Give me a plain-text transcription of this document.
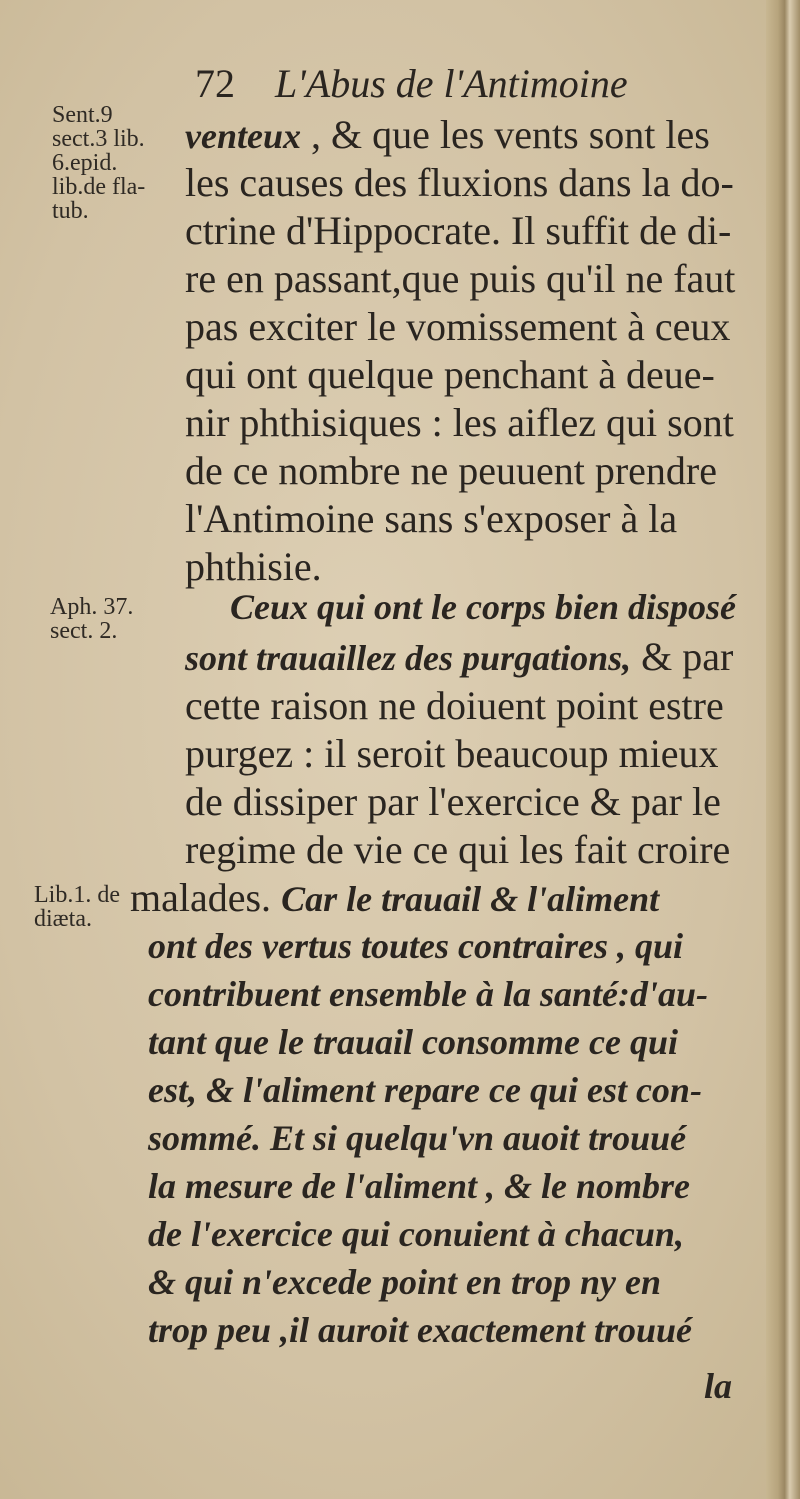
72 L'Abus de l'Antimoine
Sent.9
sect.3 lib.
6.epid.
lib.de fla-
tub.
Aph. 37.
sect. 2.
Lib.1. de
diæta.
venteux , & que les vents sont les
les causes des fluxions dans la do-
ctrine d'Hippocrate. Il suffit de di-
re en passant,que puis qu'il ne faut
pas exciter le vomissement à ceux
qui ont quelque penchant à deue-
nir phthisiques : les aiflez qui sont
de ce nombre ne peuuent prendre
l'Antimoine sans s'exposer à la
phthisie.
Ceux qui ont le corps bien disposé
sont trauaillez des purgations, & par
cette raison ne doiuent point estre
purgez : il seroit beaucoup mieux
de dissiper par l'exercice & par le
regime de vie ce qui les fait croire
malades. Car le trauail & l'aliment
ont des vertus toutes contraires , qui
contribuent ensemble à la santé:d'au-
tant que le trauail consomme ce qui
est, & l'aliment repare ce qui est con-
sommé. Et si quelqu'vn auoit trouué
la mesure de l'aliment , & le nombre
de l'exercice qui conuient à chacun,
& qui n'excede point en trop ny en
trop peu ,il auroit exactement trouué
la
